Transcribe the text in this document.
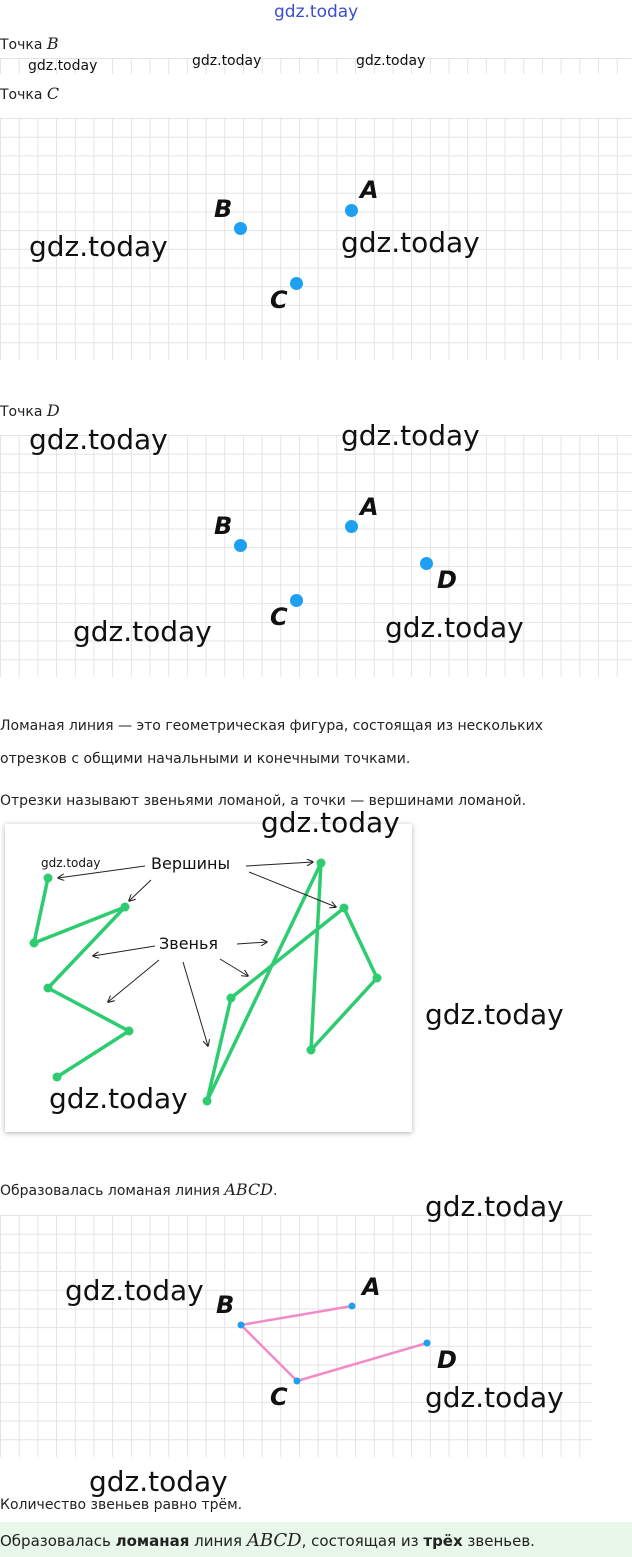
gdz.today
Точка B
gdz.today	gdz.today	gdz.today
Точка C
A
B
C
gdz.today	gdz.today
Точка D
A
B
C
D
gdz.today	gdz.today
gdz.today	gdz.today
Ломаная линия — это геометрическая фигура, состоящая из нескольких
отрезков с общими начальными и конечными точками.
Отрезки называют звеньями ломаной, а точки — вершинами ломаной.
Вершины
Звенья
gdz.today
gdz.today
gdz.today
gdz.today
Образовалась ломаная линия ABCD.
A
B
C
D
gdz.today
gdz.today
gdz.today
gdz.today
Количество звеньев равно трём.
Образовалась ломаная линия ABCD, состоящая из трёх звеньев.
